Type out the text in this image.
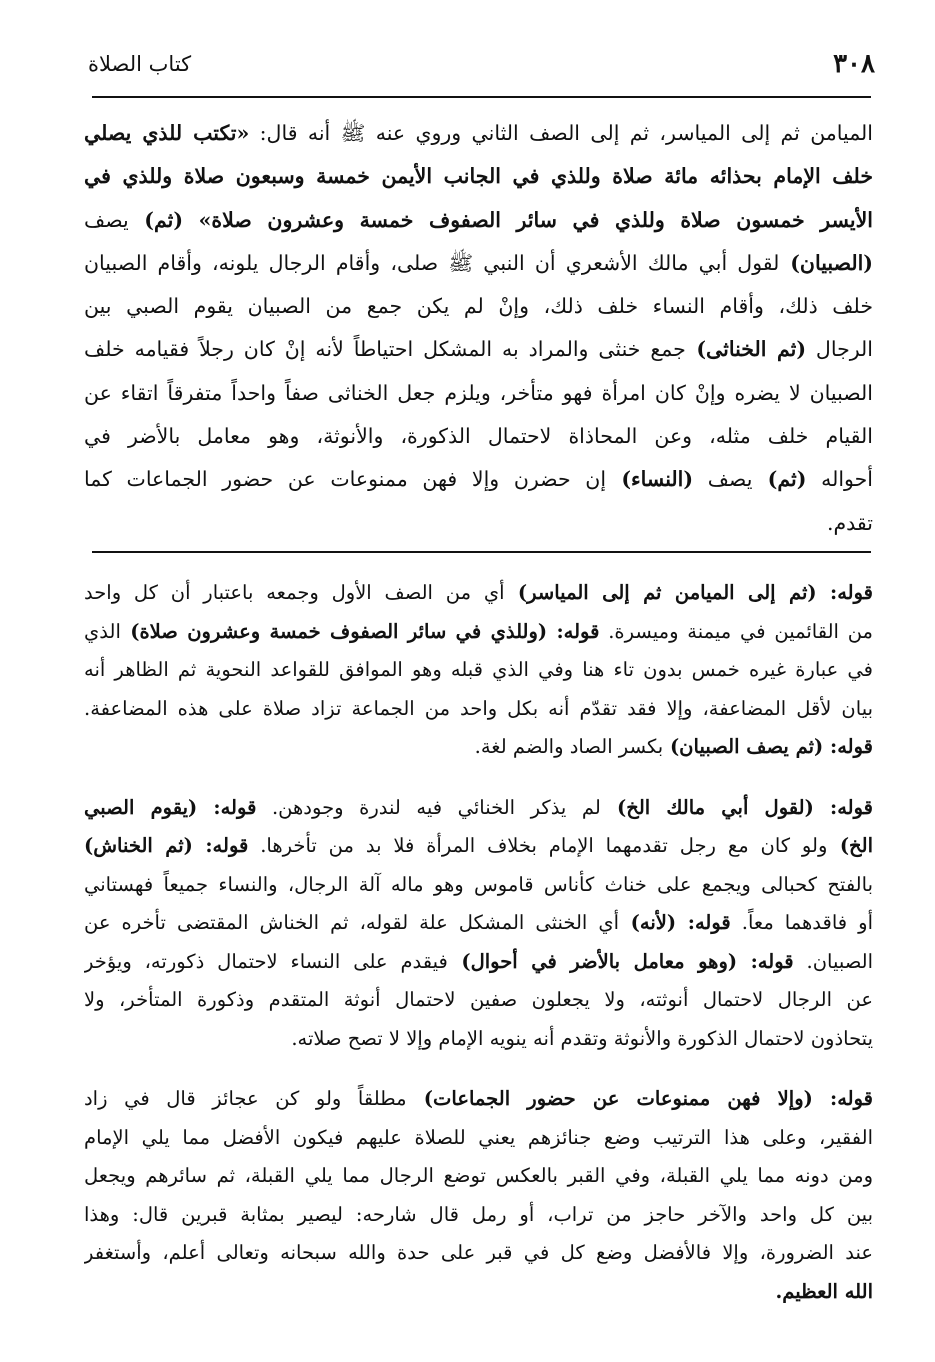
٣٠٨
كتاب الصلاة
الميامن ثم إلى المياسر، ثم إلى الصف الثاني وروي عنه ﷺ أنه قال: «تكتب للذي يصلي
خلف الإمام بحذائه مائة صلاة وللذي في الجانب الأيمن خمسة وسبعون صلاة وللذي في
الأيسر خمسون صلاة وللذي في سائر الصفوف خمسة وعشرون صلاة» (ثم) يصف
(الصبيان) لقول أبي مالك الأشعري أن النبي ﷺ صلى، وأقام الرجال يلونه، وأقام الصبيان
خلف ذلك، وأقام النساء خلف ذلك، وإنْ لم يكن جمع من الصبيان يقوم الصبي بين
الرجال (ثم الخناثى) جمع خنثى والمراد به المشكل احتياطاً لأنه إنْ كان رجلاً فقيامه خلف
الصبيان لا يضره وإنْ كان امرأة فهو متأخر، ويلزم جعل الخناثى صفاً واحداً متفرقاً اتقاء عن
القيام خلف مثله، وعن المحاذاة لاحتمال الذكورة، والأنوثة، وهو معامل بالأضر في
أحواله (ثم) يصف (النساء) إن حضرن وإلا فهن ممنوعات عن حضور الجماعات كما
تقدم.

قوله: (ثم إلى الميامن ثم إلى المياسر) أي من الصف الأول وجمعه باعتبار أن كل واحد
من القائمين في ميمنة وميسرة. قوله: (وللذي في سائر الصفوف خمسة وعشرون صلاة) الذي
في عبارة غيره خمس بدون تاء هنا وفي الذي قبله وهو الموافق للقواعد النحوية ثم الظاهر أنه
بيان لأقل المضاعفة، وإلا فقد تقدّم أنه بكل واحد من الجماعة تزاد صلاة على هذه المضاعفة.
قوله: (ثم يصف الصبيان) بكسر الصاد والضم لغة.

قوله: (لقول أبي مالك الخ) لم يذكر الخنائي فيه لندرة وجودهن. قوله: (يقوم الصبي
الخ) ولو كان مع رجل تقدمهما الإمام بخلاف المرأة فلا بد من تأخرها. قوله: (ثم الخناش)
بالفتح كحبالى ويجمع على خناث كأناس قاموس وهو ماله آلة الرجال، والنساء جميعاً فهستاني
أو فاقدهما معاً. قوله: (لأنه) أي الخنثى المشكل علة لقوله، ثم الخناش المقتضى تأخره عن
الصبيان. قوله: (وهو معامل بالأضر في أحوال) فيقدم على النساء لاحتمال ذكورته، ويؤخر
عن الرجال لاحتمال أنوثته، ولا يجعلون صفين لاحتمال أنوثة المتقدم وذكورة المتأخر، ولا
يتحاذون لاحتمال الذكورة والأنوثة وتقدم أنه ينويه الإمام وإلا لا تصح صلاته.

قوله: (وإلا فهن ممنوعات عن حضور الجماعات) مطلقاً ولو كن عجائز قال في زاد
الفقير، وعلى هذا الترتيب وضع جنائزهم يعني للصلاة عليهم فيكون الأفضل مما يلي الإمام
ومن دونه مما يلي القبلة، وفي القبر بالعكس توضع الرجال مما يلي القبلة، ثم سائرهم ويجعل
بين كل واحد والآخر حاجز من تراب، أو رمل قال شارحه: ليصير بمثابة قبرين قال: وهذا
عند الضرورة، وإلا فالأفضل وضع كل في قبر على حدة والله سبحانه وتعالى أعلم، وأستغفر
الله العظيم.
